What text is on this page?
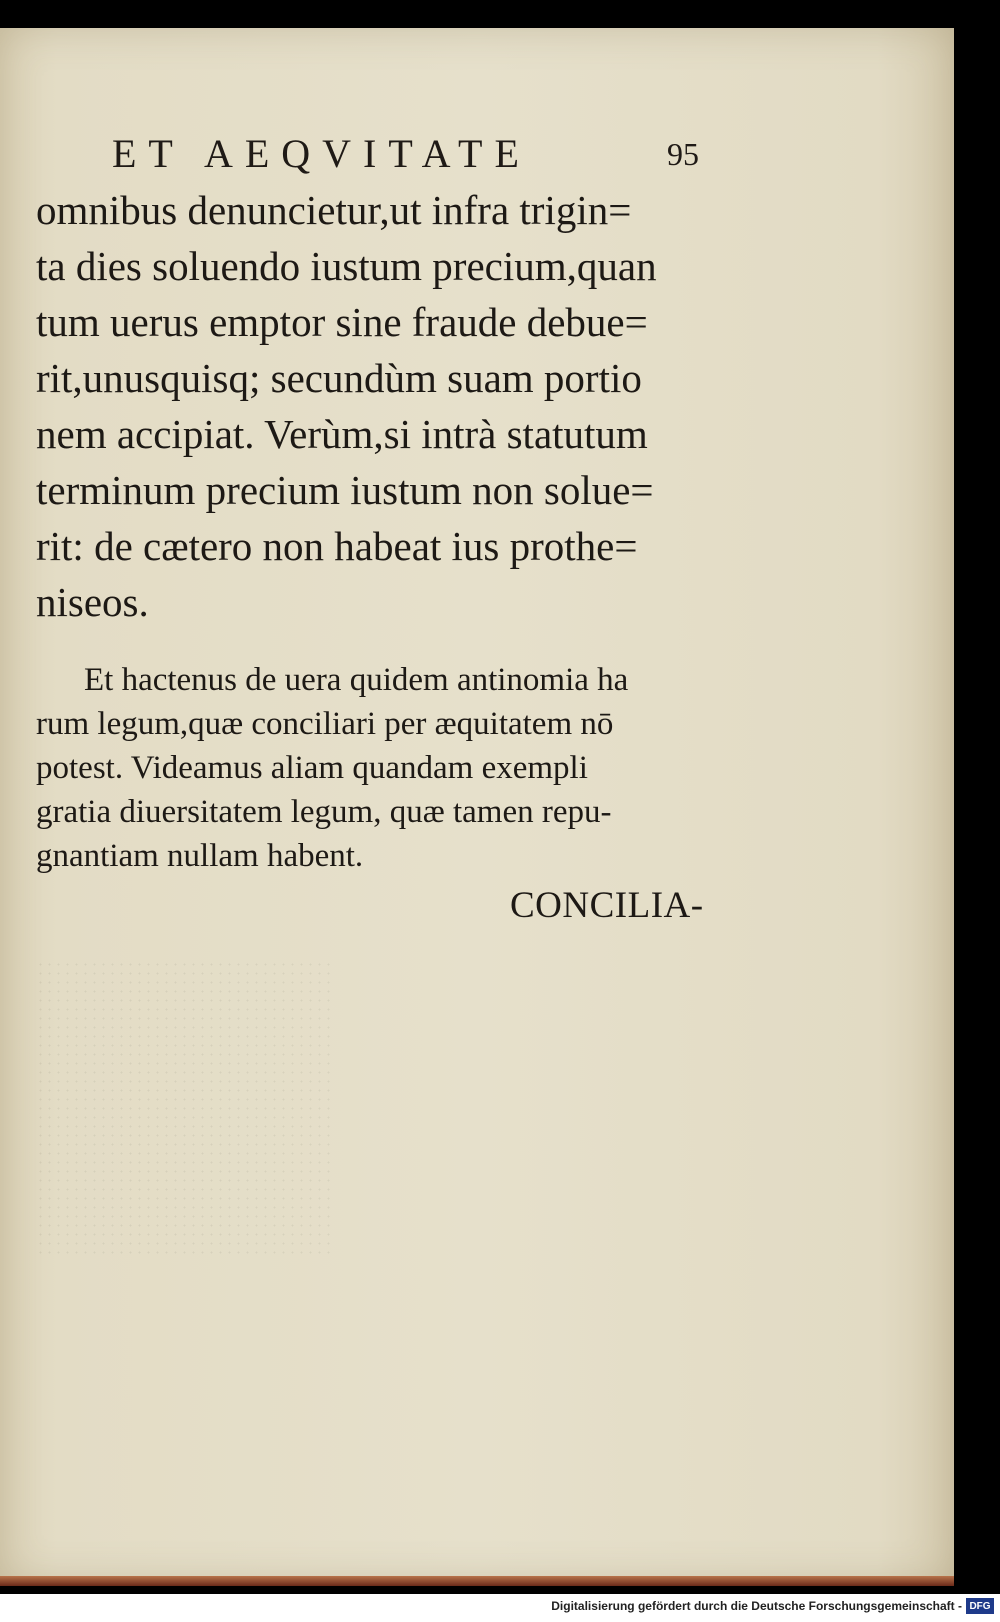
ET AEQVITATE	95
omnibus denuncietur,ut infra trigin=
ta dies soluendo iustum precium,quan
tum uerus emptor sine fraude debue=
rit,unusquisq; secundùm suam portio
nem accipiat. Verùm,si intrà statutum
terminum precium iustum non solue=
rit: de cætero non habeat ius prothe=
niseos.
Et hactenus de uera quidem antinomia ha
rum legum,quæ conciliari per æquitatem nō
potest. Videamus aliam quandam exempli
gratia diuersitatem legum, quæ tamen repu-
gnantiam nullam habent.
CONCILIA-
Digitalisierung gefördert durch die Deutsche Forschungsgemeinschaft - DFG
